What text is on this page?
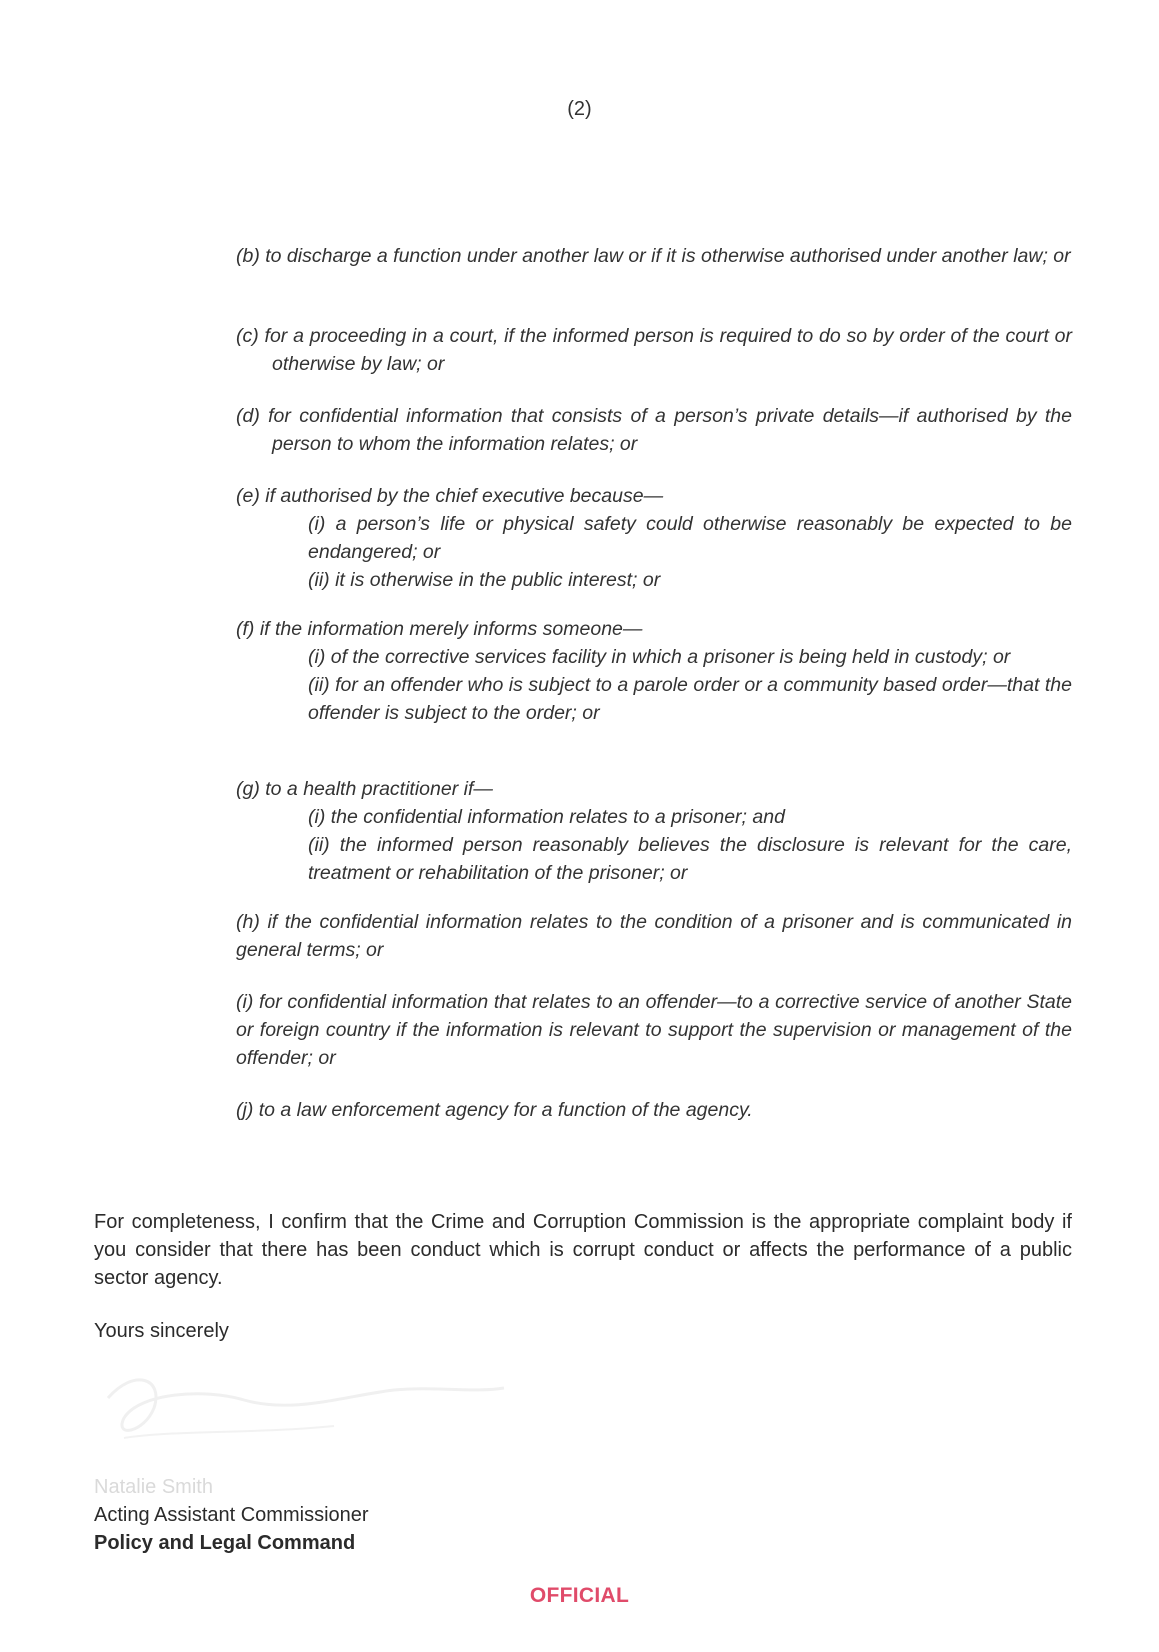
(2)
(b) to discharge a function under another law or if it is otherwise authorised under another law; or
(c) for a proceeding in a court, if the informed person is required to do so by order of the court or otherwise by law; or
(d) for confidential information that consists of a person’s private details—if authorised by the person to whom the information relates; or
(e) if authorised by the chief executive because—
(i) a person’s life or physical safety could otherwise reasonably be expected to be endangered; or
(ii) it is otherwise in the public interest; or
(f) if the information merely informs someone—
(i) of the corrective services facility in which a prisoner is being held in custody; or
(ii) for an offender who is subject to a parole order or a community based order—that the offender is subject to the order; or
(g) to a health practitioner if—
(i) the confidential information relates to a prisoner; and
(ii) the informed person reasonably believes the disclosure is relevant for the care, treatment or rehabilitation of the prisoner; or
(h) if the confidential information relates to the condition of a prisoner and is communicated in general terms; or
(i) for confidential information that relates to an offender—to a corrective service of another State or foreign country if the information is relevant to support the supervision or management of the offender; or
(j) to a law enforcement agency for a function of the agency.
For completeness, I confirm that the Crime and Corruption Commission is the appropriate complaint body if you consider that there has been conduct which is corrupt conduct or affects the performance of a public sector agency.
Yours sincerely
Natalie Smith
Acting Assistant Commissioner
Policy and Legal Command
OFFICIAL
